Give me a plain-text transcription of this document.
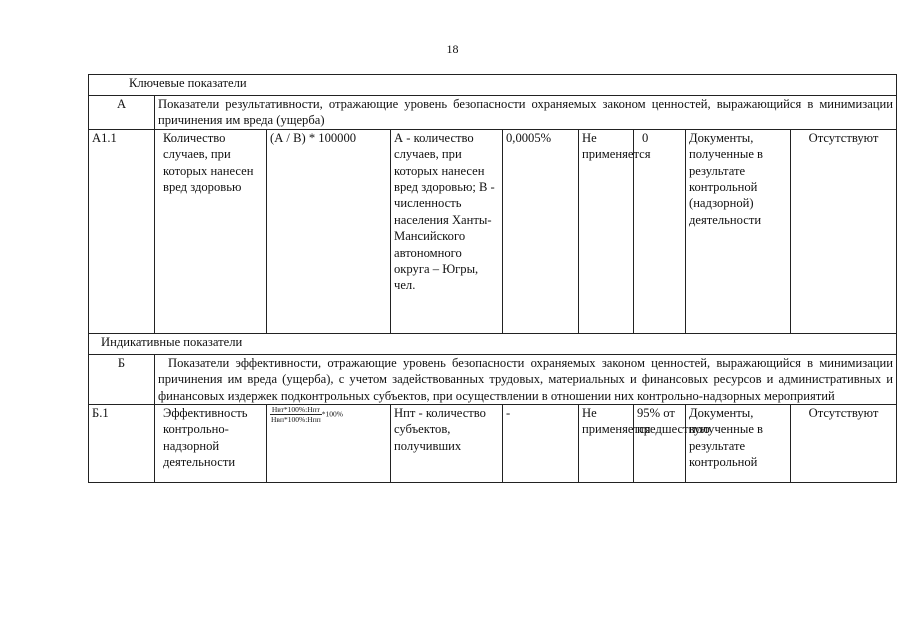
18
Ключевые показатели								
А	Показатели результативности, отражающие уровень безопасности охраняемых законом ценностей, выражающийся в минимизации причинения им вреда (ущерба)							
А1.1	Количество случаев, при которых нанесен вред здоровью	(А / В) * 100000	А - количество случаев, при которых нанесен вред здоровью; В - численность населения Ханты-Мансийского автономного округа – Югры, чел.	0,0005%	Не применяется	0	Документы, полученные в результате контрольной (надзорной) деятельности	Отсутствуют
Индикативные показатели								
Б	Показатели эффективности, отражающие уровень безопасности охраняемых законом ценностей, выражающийся в минимизации причинения им вреда (ущерба), с учетом задействованных трудовых, материальных и финансовых ресурсов и административных и финансовых издержек подконтрольных субъектов, при осуществлении в отношении них контрольно-надзорных мероприятий							
Б.1	Эффективность контрольно-надзорной деятельности	$\frac{\text{Нвт*100\%:Нпт}}{\text{Нвп*100\%:Нпп}} *100\%$	Нпт - количество субъектов, получивших	-	Не применяется	95% от предшествую	Документы, полученные в результате контрольной	Отсутствуют
